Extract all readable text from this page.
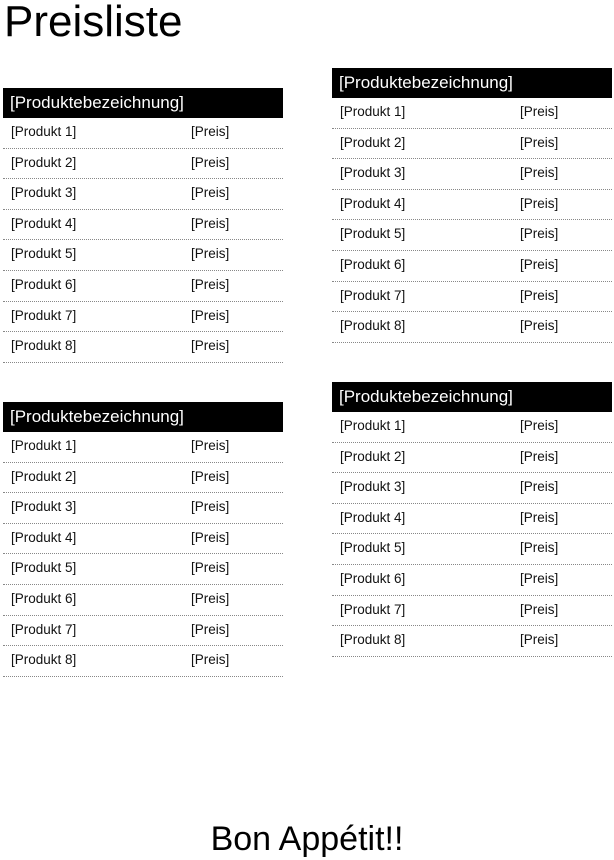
Preisliste
[Produktebezeichnung]
[Produkt 1]	[Preis]
[Produkt 2]	[Preis]
[Produkt 3]	[Preis]
[Produkt 4]	[Preis]
[Produkt 5]	[Preis]
[Produkt 6]	[Preis]
[Produkt 7]	[Preis]
[Produkt 8]	[Preis]
[Produktebezeichnung]
[Produkt 1]	[Preis]
[Produkt 2]	[Preis]
[Produkt 3]	[Preis]
[Produkt 4]	[Preis]
[Produkt 5]	[Preis]
[Produkt 6]	[Preis]
[Produkt 7]	[Preis]
[Produkt 8]	[Preis]
[Produktebezeichnung]
[Produkt 1]	[Preis]
[Produkt 2]	[Preis]
[Produkt 3]	[Preis]
[Produkt 4]	[Preis]
[Produkt 5]	[Preis]
[Produkt 6]	[Preis]
[Produkt 7]	[Preis]
[Produkt 8]	[Preis]
[Produktebezeichnung]
[Produkt 1]	[Preis]
[Produkt 2]	[Preis]
[Produkt 3]	[Preis]
[Produkt 4]	[Preis]
[Produkt 5]	[Preis]
[Produkt 6]	[Preis]
[Produkt 7]	[Preis]
[Produkt 8]	[Preis]
Bon Appétit!!
